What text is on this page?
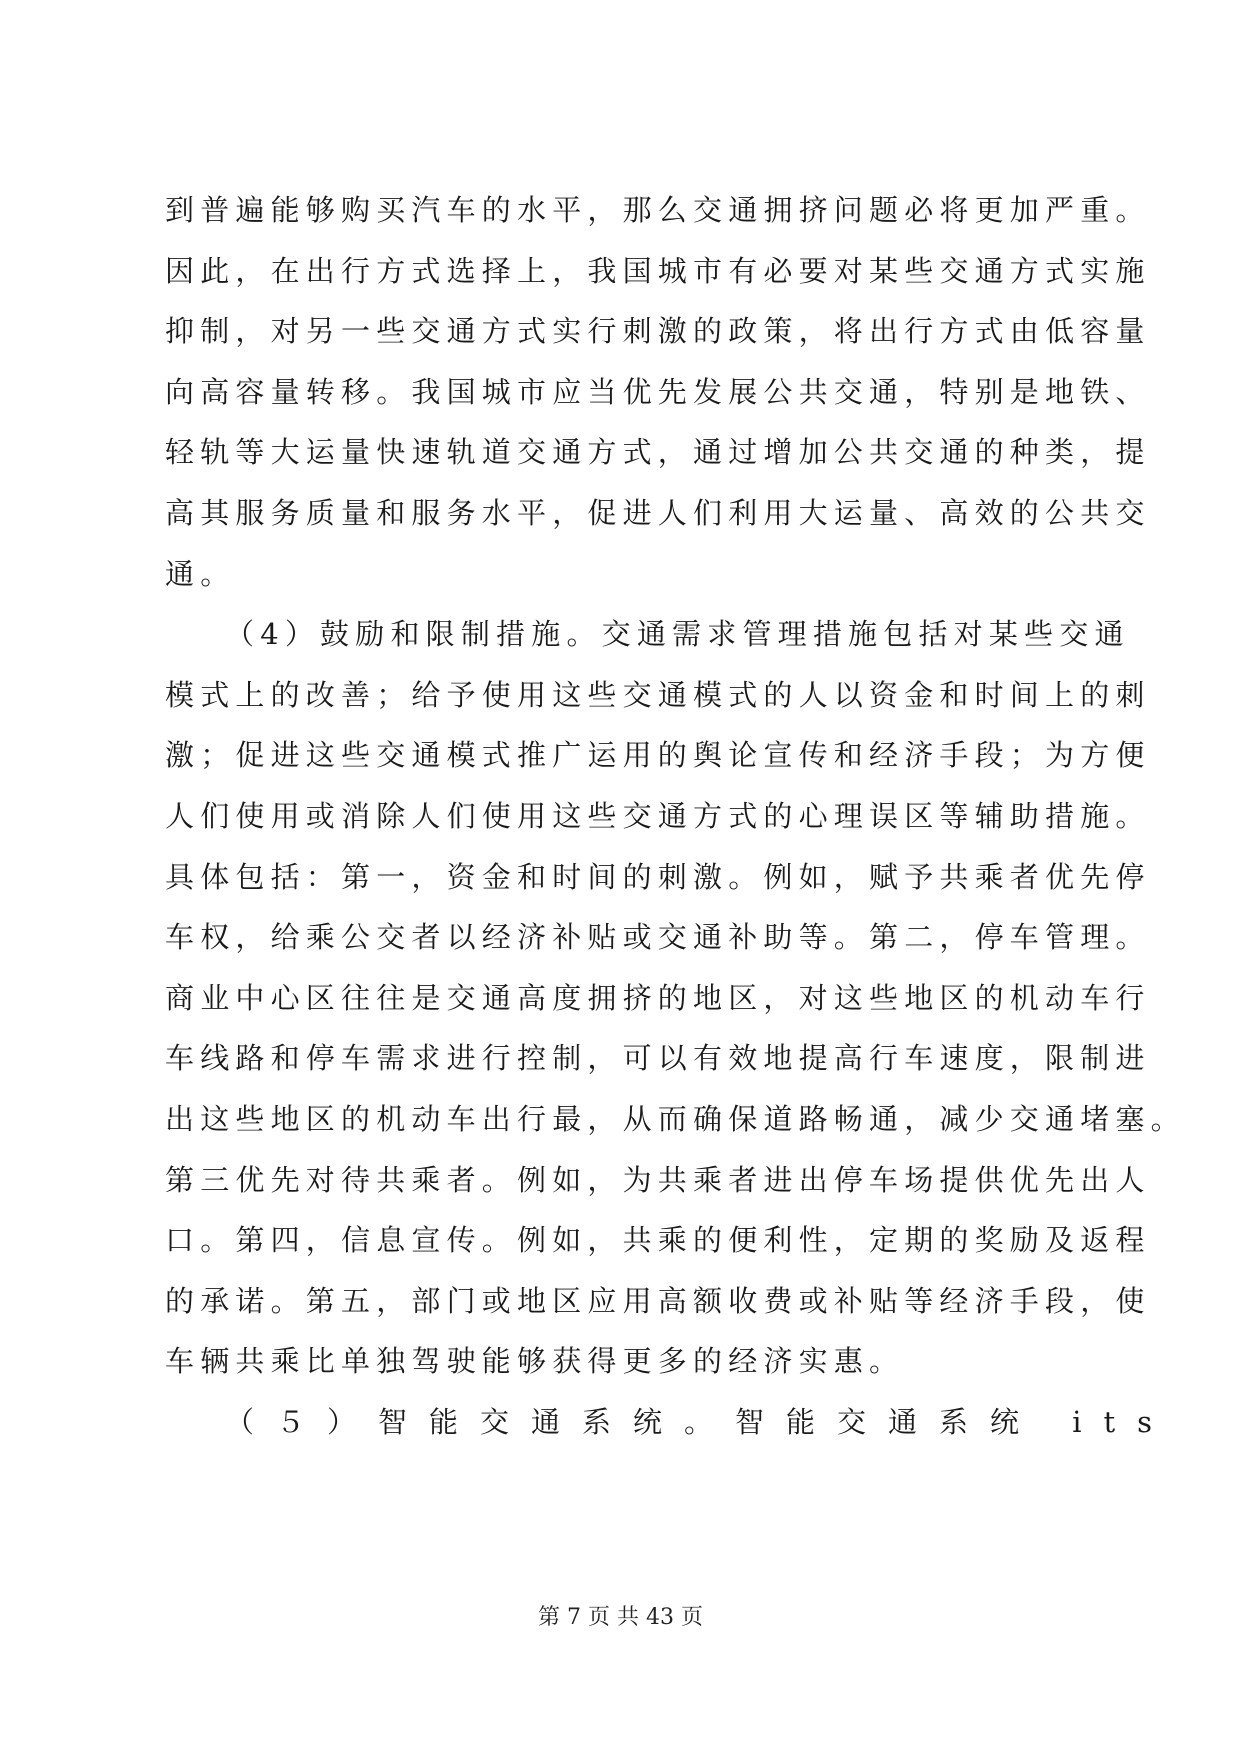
到普遍能够购买汽车的水平，那么交通拥挤问题必将更加严重。
因此，在出行方式选择上，我国城市有必要对某些交通方式实施
抑制，对另一些交通方式实行刺激的政策，将出行方式由低容量
向高容量转移。我国城市应当优先发展公共交通，特别是地铁、
轻轨等大运量快速轨道交通方式，通过增加公共交通的种类，提
高其服务质量和服务水平，促进人们利用大运量、高效的公共交
通。
（4）鼓励和限制措施。交通需求管理措施包括对某些交通
模式上的改善；给予使用这些交通模式的人以资金和时间上的刺
激；促进这些交通模式推广运用的舆论宣传和经济手段；为方便
人们使用或消除人们使用这些交通方式的心理误区等辅助措施。
具体包括：第一，资金和时间的刺激。例如，赋予共乘者优先停
车权，给乘公交者以经济补贴或交通补助等。第二，停车管理。
商业中心区往往是交通高度拥挤的地区，对这些地区的机动车行
车线路和停车需求进行控制，可以有效地提高行车速度，限制进
出这些地区的机动车出行最，从而确保道路畅通，减少交通堵塞。
第三优先对待共乘者。例如，为共乘者进出停车场提供优先出人
口。第四，信息宣传。例如，共乘的便利性，定期的奖励及返程
的承诺。第五，部门或地区应用高额收费或补贴等经济手段，使
车辆共乘比单独驾驶能够获得更多的经济实惠。
（５）智能交通系统。智能交通系统 its
第 7 页 共 43 页
